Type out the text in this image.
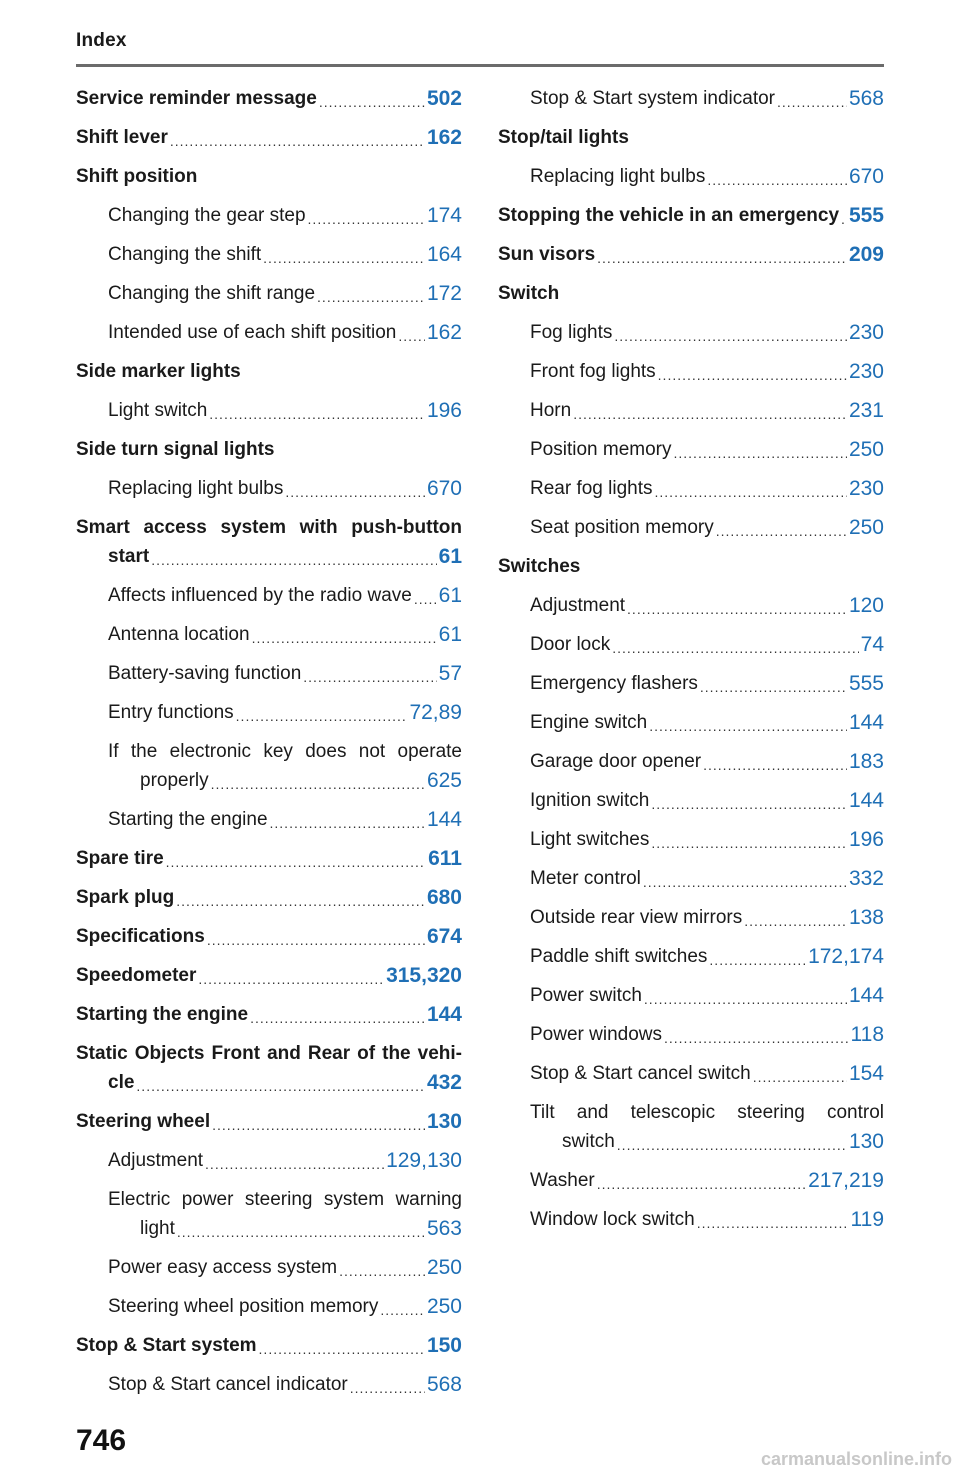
Index
Service reminder message .....	502
Shift lever .....	162
Shift position
Changing the gear step .....	174
Changing the shift .....	164
Changing the shift range .....	172
Intended use of each shift position ..... 162
Side marker lights
Light switch .....	196
Side turn signal lights
Replacing light bulbs .....	670
Smart access system with push-button
start .....	61
Affects influenced by the radio wave ..... 61
Antenna location .....	61
Battery-saving function .....	57
Entry functions .....	72,89
If the electronic key does not operate
properly .....	625
Starting the engine .....	144
Spare tire .....	611
Spark plug .....	680
Specifications .....	674
Speedometer .....	315,320
Starting the engine .....	144
Static Objects Front and Rear of the vehi-
cle .....	432
Steering wheel .....	130
Adjustment .....	129,130
Electric power steering system warning
light .....	563
Power easy access system .....	250
Steering wheel position memory ..... 250
Stop & Start system .....	150
Stop & Start cancel indicator .....	568
Stop & Start system indicator .....	568
Stop/tail lights
Replacing light bulbs .....	670
Stopping the vehicle in an emergency ..... 555
Sun visors .....	209
Switch
Fog lights .....	230
Front fog lights .....	230
Horn .....	231
Position memory .....	250
Rear fog lights .....	230
Seat position memory .....	250
Switches
Adjustment .....	120
Door lock .....	74
Emergency flashers .....	555
Engine switch .....	144
Garage door opener .....	183
Ignition switch .....	144
Light switches .....	196
Meter control .....	332
Outside rear view mirrors .....	138
Paddle shift switches .....	172,174
Power switch .....	144
Power windows .....	118
Stop & Start cancel switch .....	154
Tilt and telescopic steering control
switch .....	130
Washer .....	217,219
Window lock switch .....	119
746
carmanualsonline.info
